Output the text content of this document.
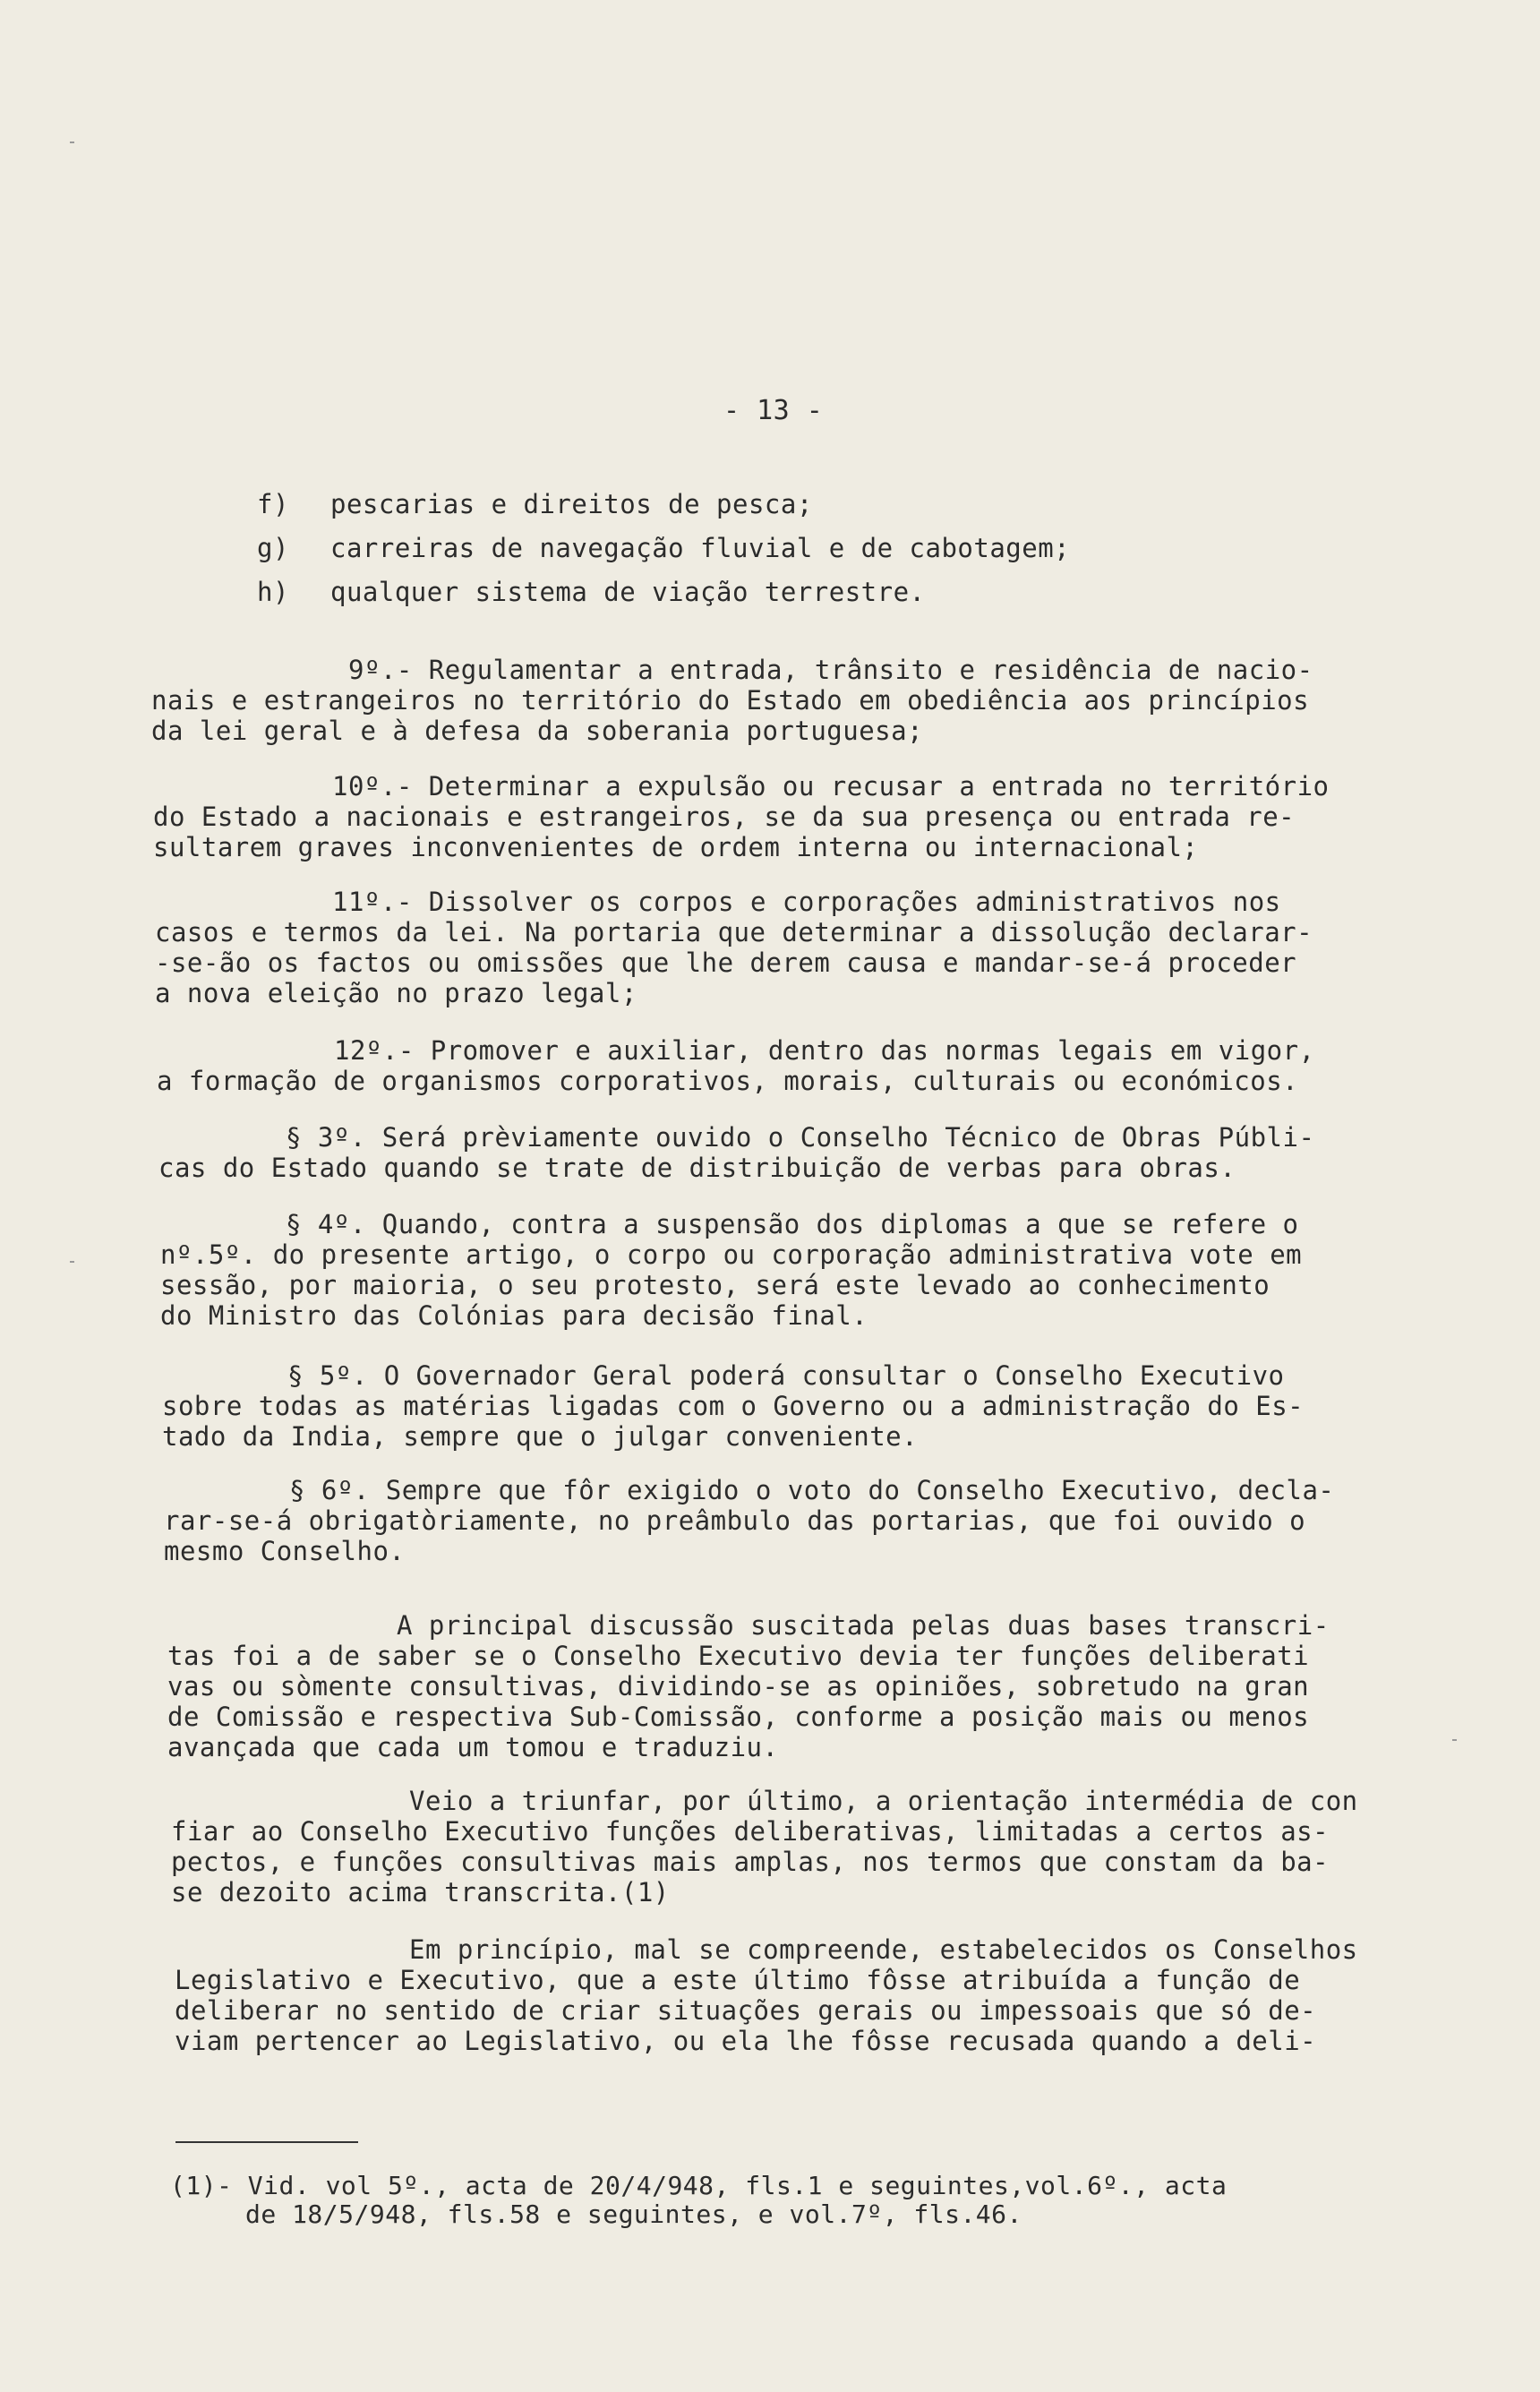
- 13 -
f) pescarias e direitos de pesca;
g) carreiras de navegação fluvial e de cabotagem;
h) qualquer sistema de viação terrestre.
9º.- Regulamentar a entrada, trânsito e residência de nacio-
nais e estrangeiros no território do Estado em obediência aos princípios
da lei geral e à defesa da soberania portuguesa;
10º.- Determinar a expulsão ou recusar a entrada no território
do Estado a nacionais e estrangeiros, se da sua presença ou entrada re-
sultarem graves inconvenientes de ordem interna ou internacional;
11º.- Dissolver os corpos e corporações administrativos nos
casos e termos da lei. Na portaria que determinar a dissolução declarar-
-se-ão os factos ou omissões que lhe derem causa e mandar-se-á proceder
a nova eleição no prazo legal;
12º.- Promover e auxiliar, dentro das normas legais em vigor,
a formação de organismos corporativos, morais, culturais ou económicos.
§ 3º. Será prèviamente ouvido o Conselho Técnico de Obras Públi-
cas do Estado quando se trate de distribuição de verbas para obras.
§ 4º. Quando, contra a suspensão dos diplomas a que se refere o
nº.5º. do presente artigo, o corpo ou corporação administrativa vote em
sessão, por maioria, o seu protesto, será este levado ao conhecimento
do Ministro das Colónias para decisão final.
§ 5º. O Governador Geral poderá consultar o Conselho Executivo
sobre todas as matérias ligadas com o Governo ou a administração do Es-
tado da India, sempre que o julgar conveniente.
§ 6º. Sempre que fôr exigido o voto do Conselho Executivo, decla-
rar-se-á obrigatòriamente, no preâmbulo das portarias, que foi ouvido o
mesmo Conselho.
A principal discussão suscitada pelas duas bases transcri-
tas foi a de saber se o Conselho Executivo devia ter funções deliberati
vas ou sòmente consultivas, dividindo-se as opiniões, sobretudo na gran
de Comissão e respectiva Sub-Comissão, conforme a posição mais ou menos
avançada que cada um tomou e traduziu.
Veio a triunfar, por último, a orientação intermédia de con
fiar ao Conselho Executivo funções deliberativas, limitadas a certos as-
pectos, e funções consultivas mais amplas, nos termos que constam da ba-
se dezoito acima transcrita.(1)
Em princípio, mal se compreende, estabelecidos os Conselhos
Legislativo e Executivo, que a este último fôsse atribuída a função de
deliberar no sentido de criar situações gerais ou impessoais que só de-
viam pertencer ao Legislativo, ou ela lhe fôsse recusada quando a deli-
(1)- Vid. vol 5º., acta de 20/4/948, fls.1 e seguintes,vol.6º., acta
de 18/5/948, fls.58 e seguintes, e vol.7º, fls.46.
